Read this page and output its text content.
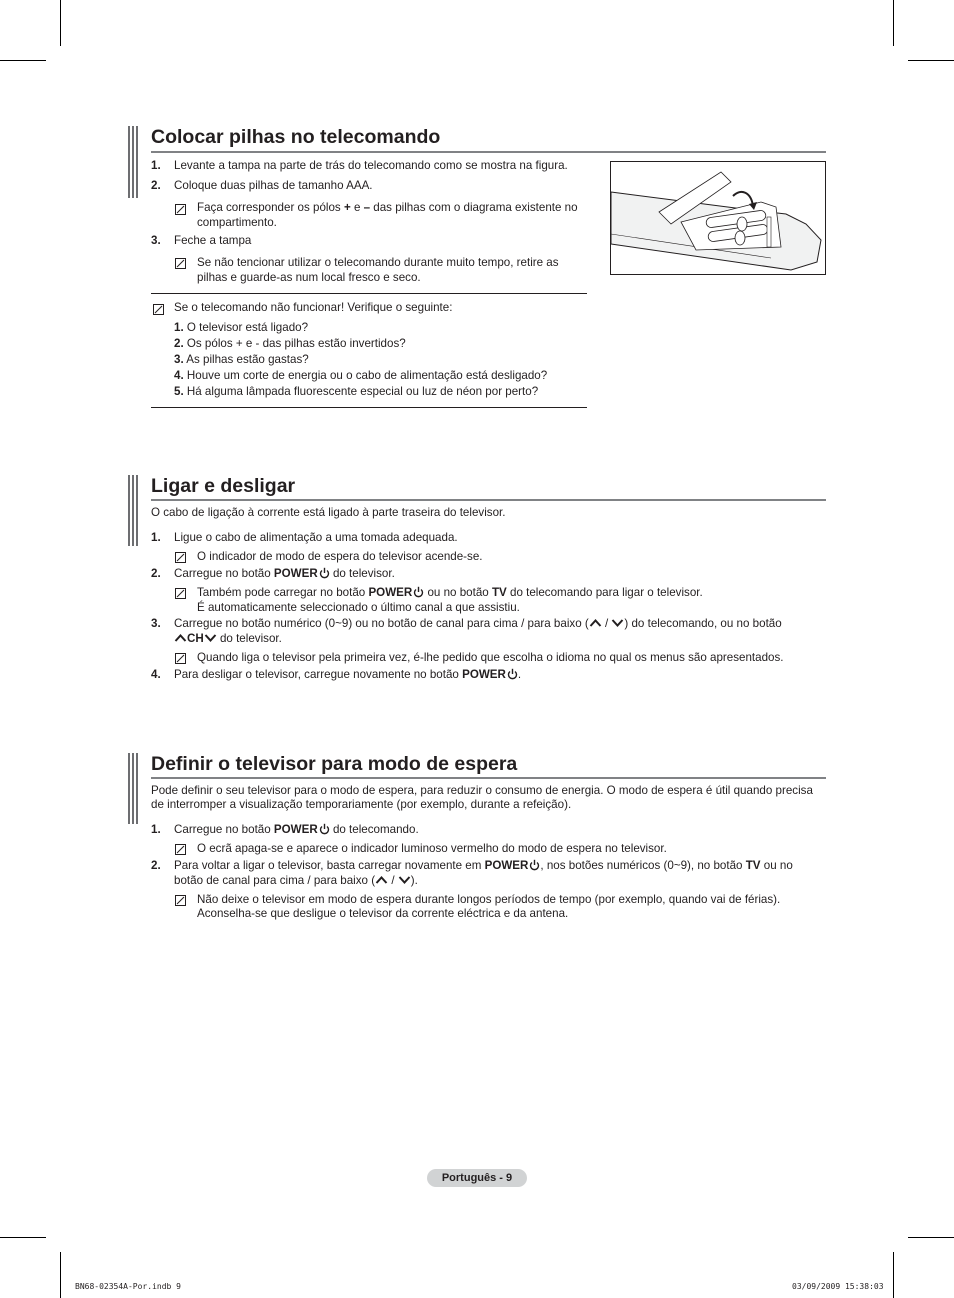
Colocar pilhas no telecomando
1. Levante a tampa na parte de trás do telecomando como se mostra na figura.
2. Coloque duas pilhas de tamanho AAA.
Faça corresponder os pólos + e – das pilhas com o diagrama existente no
compartimento.
3. Feche a tampa
Se não tencionar utilizar o telecomando durante muito tempo, retire as
pilhas e guarde-as num local fresco e seco.
Se o telecomando não funcionar! Verifique o seguinte:
1. O televisor está ligado?
2. Os pólos + e - das pilhas estão invertidos?
3. As pilhas estão gastas?
4. Houve um corte de energia ou o cabo de alimentação está desligado?
5. Há alguma lâmpada fluorescente especial ou luz de néon por perto?
Ligar e desligar
O cabo de ligação à corrente está ligado à parte traseira do televisor.
1. Ligue o cabo de alimentação a uma tomada adequada.
O indicador de modo de espera do televisor acende-se.
2. Carregue no botão POWER do televisor.
Também pode carregar no botão POWER ou no botão TV do telecomando para ligar o televisor.
É automaticamente seleccionado o último canal a que assistiu.
3. Carregue no botão numérico (0~9) ou no botão de canal para cima / para baixo ( / ) do telecomando, ou no botão
CH do televisor.
Quando liga o televisor pela primeira vez, é-lhe pedido que escolha o idioma no qual os menus são apresentados.
4. Para desligar o televisor, carregue novamente no botão POWER .
Definir o televisor para modo de espera
Pode definir o seu televisor para o modo de espera, para reduzir o consumo de energia. O modo de espera é útil quando precisa
de interromper a visualização temporariamente (por exemplo, durante a refeição).
1. Carregue no botão POWER do telecomando.
O ecrã apaga-se e aparece o indicador luminoso vermelho do modo de espera no televisor.
2. Para voltar a ligar o televisor, basta carregar novamente em POWER , nos botões numéricos (0~9), no botão TV ou no
botão de canal para cima / para baixo ( / ).
Não deixe o televisor em modo de espera durante longos períodos de tempo (por exemplo, quando vai de férias).
Aconselha-se que desligue o televisor da corrente eléctrica e da antena.
Português - 9
BN68-02354A-Por.indb 9	03/09/2009 15:38:03
